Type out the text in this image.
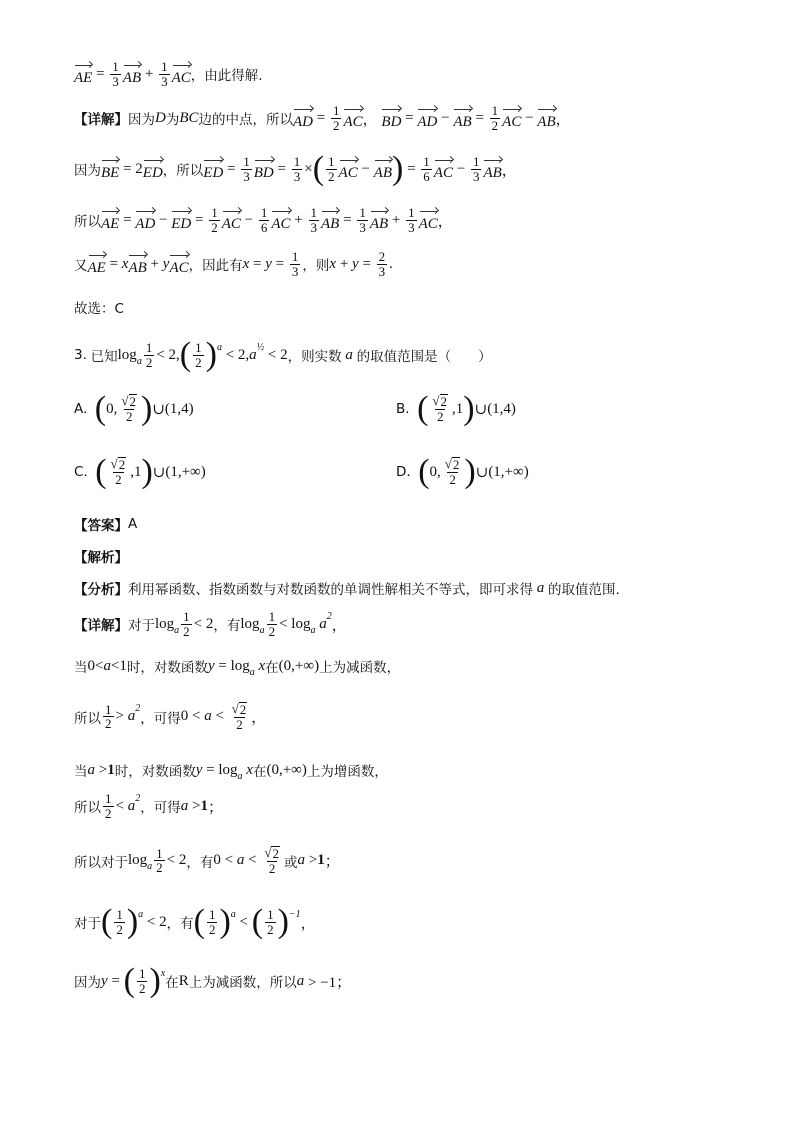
AE = $\frac{1}{3}$ AB + $\frac{1}{3}$ AC ，由此得解.
【详解】 因为 D 为 BC 边的中点，所以 AD = $\frac{1}{2}$ AC ， BD = AD − AB = $\frac{1}{2}$ AC − AB ，
因为 BE = 2 ED ，所以 ED = $\frac{1}{3}$ BD = $\frac{1}{3}$ × ( $\frac{1}{2}$ AC − AB ) = $\frac{1}{6}$ AC − $\frac{1}{3}$ AB ，
所以 AE = AD − ED = $\frac{1}{2}$ AC − $\frac{1}{6}$ AC + $\frac{1}{3}$ AB = $\frac{1}{3}$ AB + $\frac{1}{3}$ AC ，
又 AE = x AB + y AC ，因此有 $x = y = \frac{1}{3}$ ，则 $x + y = \frac{2}{3}$ .
故选：C
3.
已知 log a $\frac{1}{2} < 2$, ( $\frac{1}{2}$ ) a < 2, a ½ < 2 ，则实数 a 的取值范围是（　　）
A.
( 0, $\frac{√ 2}{2}$ ) ∪ (1,4)	B.
( $\frac{√ 2}{2} ,1$ ) ∪ (1,4)
C.
( $\frac{√ 2}{2} ,1$ ) ∪ (1,+∞)	D.
( 0, $\frac{√ 2}{2}$ ) ∪ (1,+∞)
【答案】 A
【解析】
【分析】 利用幂函数、指数函数与对数函数的单调性解相关不等式，即可求得 a 的取值范围.
【详解】 对于 log a $\frac{1}{2} < 2$ ，有 log a $\frac{1}{2} < \log a$
a 2
，
当 0< a <1 时，对数函数 y = log a
x 在 (0,+∞) 上为减函数，
所以 $\frac{1}{2} > a$ 2
，可得 $0 < a < \frac{√ 2}{2}$ ，
当 a > 1 时，对数函数 y = log a
x 在 (0,+∞) 上为增函数，
所以 $\frac{1}{2} < a$ 2
，可得 a > 1 ；
所以对于 log a $\frac{1}{2} < 2$ ，有 $0 < a < \frac{√ 2}{2}$ 或 a > 1 ；
对于 ( $\frac{1}{2}$ ) a < 2 ，有 ( $\frac{1}{2}$ ) a < ( $\frac{1}{2}$ ) −1
，
因为 y = ( $\frac{1}{2}$ ) x
在 R 上为减函数，所以 a > −1；
